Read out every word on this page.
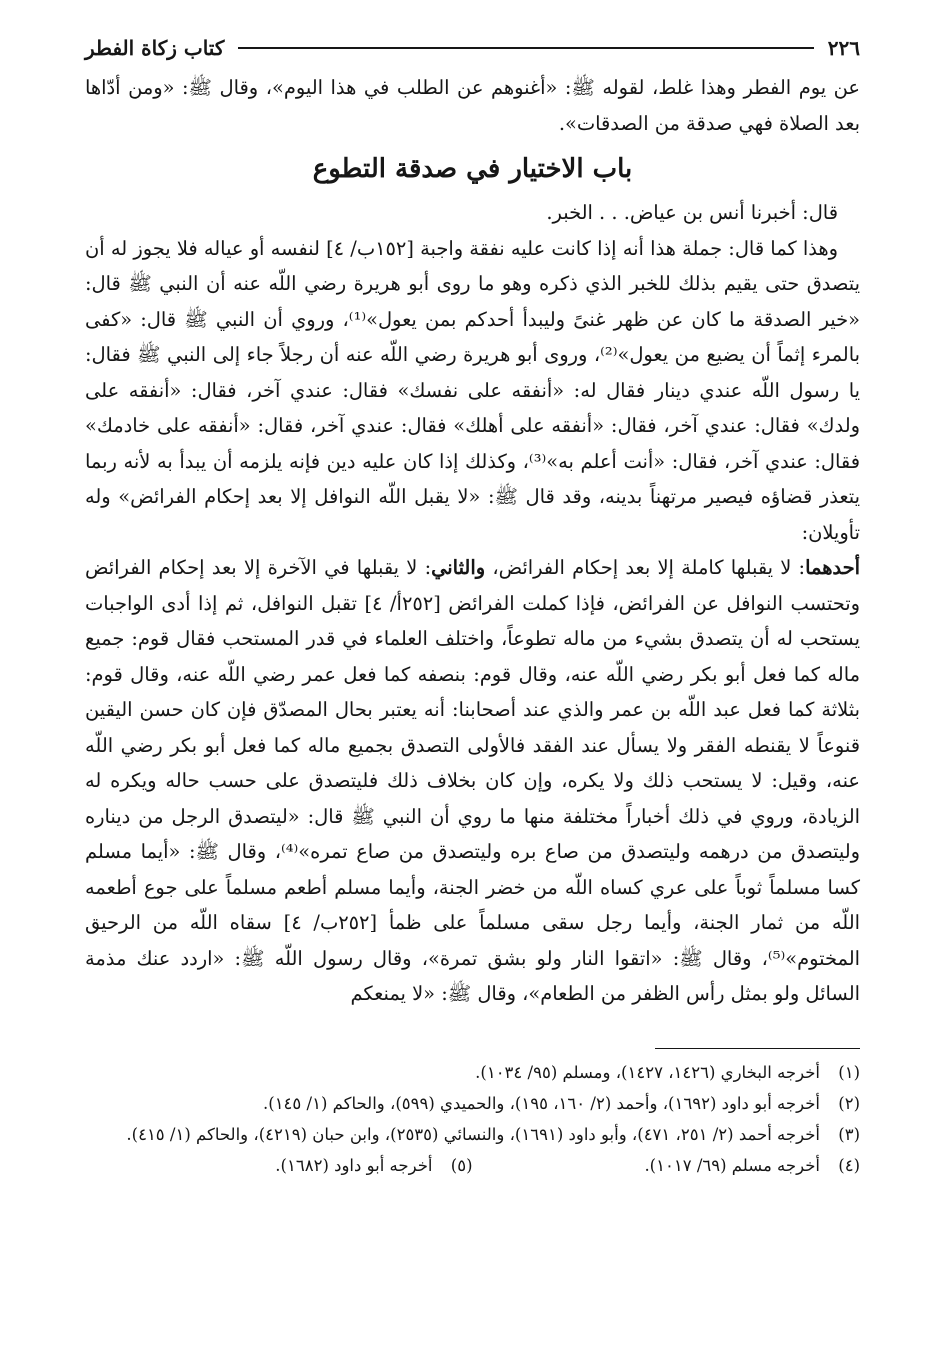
٢٢٦
كتاب زكاة الفطر

عن يوم الفطر وهذا غلط، لقوله ﷺ: «أغنوهم عن الطلب في هذا اليوم»، وقال ﷺ: «ومن أدّاها بعد الصلاة فهي صدقة من الصدقات».

باب الاختيار في صدقة التطوع

قال: أخبرنا أنس بن عياض. . . الخبر.

وهذا كما قال: جملة هذا أنه إذا كانت عليه نفقة واجبة [١٥٢ب/ ٤] لنفسه أو عياله فلا يجوز له أن يتصدق حتى يقيم بذلك للخبر الذي ذكره وهو ما روى أبو هريرة رضي اللّه عنه أن النبي ﷺ قال: «خير الصدقة ما كان عن ظهر غنىً وليبدأ أحدكم بمن يعول»⁽¹⁾، وروي أن النبي ﷺ قال: «كفى بالمرء إثماً أن يضيع من يعول»⁽²⁾، وروى أبو هريرة رضي اللّه عنه أن رجلاً جاء إلى النبي ﷺ فقال: يا رسول اللّه عندي دينار فقال له: «أنفقه على نفسك» فقال: عندي آخر، فقال: «أنفقه على ولدك» فقال: عندي آخر، فقال: «أنفقه على أهلك» فقال: عندي آخر، فقال: «أنفقه على خادمك» فقال: عندي آخر، فقال: «أنت أعلم به»⁽³⁾، وكذلك إذا كان عليه دين فإنه يلزمه أن يبدأ به لأنه ربما يتعذر قضاؤه فيصير مرتهناً بدينه، وقد قال ﷺ: «لا يقبل اللّه النوافل إلا بعد إحكام الفرائض» وله تأويلان:

أحدهما: لا يقبلها كاملة إلا بعد إحكام الفرائض، والثاني: لا يقبلها في الآخرة إلا بعد إحكام الفرائض وتحتسب النوافل عن الفرائض، فإذا كملت الفرائض [٢٥٢أ/ ٤] تقبل النوافل، ثم إذا أدى الواجبات يستحب له أن يتصدق بشيء من ماله تطوعاً، واختلف العلماء في قدر المستحب فقال قوم: جميع ماله كما فعل أبو بكر رضي اللّه عنه، وقال قوم: بنصفه كما فعل عمر رضي اللّه عنه، وقال قوم: بثلاثة كما فعل عبد اللّه بن عمر والذي عند أصحابنا: أنه يعتبر بحال المصدّق فإن كان حسن اليقين قنوعاً لا يقنطه الفقر ولا يسأل عند الفقد فالأولى التصدق بجميع ماله كما فعل أبو بكر رضي اللّه عنه، وقيل: لا يستحب ذلك ولا يكره، وإن كان بخلاف ذلك فليتصدق على حسب حاله ويكره له الزيادة، وروي في ذلك أخباراً مختلفة منها ما روي أن النبي ﷺ قال: «ليتصدق الرجل من ديناره وليتصدق من درهمه وليتصدق من صاع بره وليتصدق من صاع تمره»⁽⁴⁾، وقال ﷺ: «أيما مسلم كسا مسلماً ثوباً على عري كساه اللّه من خضر الجنة، وأيما مسلم أطعم مسلماً على جوع أطعمه اللّه من ثمار الجنة، وأيما رجل سقى مسلماً على ظمأ [٢٥٢ب/ ٤] سقاه اللّه من الرحيق المختوم»⁽⁵⁾، وقال ﷺ: «اتقوا النار ولو بشق تمرة»، وقال رسول اللّه ﷺ: «اردد عنك مذمة السائل ولو بمثل رأس الظفر من الطعام»، وقال ﷺ: «لا يمنعكم

(١)
أخرجه البخاري (١٤٢٦، ١٤٢٧)، ومسلم (٩٥/ ١٠٣٤).
(٢)
أخرجه أبو داود (١٦٩٢)، وأحمد (٢/ ١٦٠، ١٩٥)، والحميدي (٥٩٩)، والحاكم (١/ ١٤٥).
(٣)
أخرجه أحمد (٢/ ٢٥١، ٤٧١)، وأبو داود (١٦٩١)، والنسائي (٢٥٣٥)، وابن حبان (٤٢١٩)، والحاكم (١/ ٤١٥).
(٤)
أخرجه مسلم (٦٩/ ١٠١٧).
(٥)
أخرجه أبو داود (١٦٨٢).
